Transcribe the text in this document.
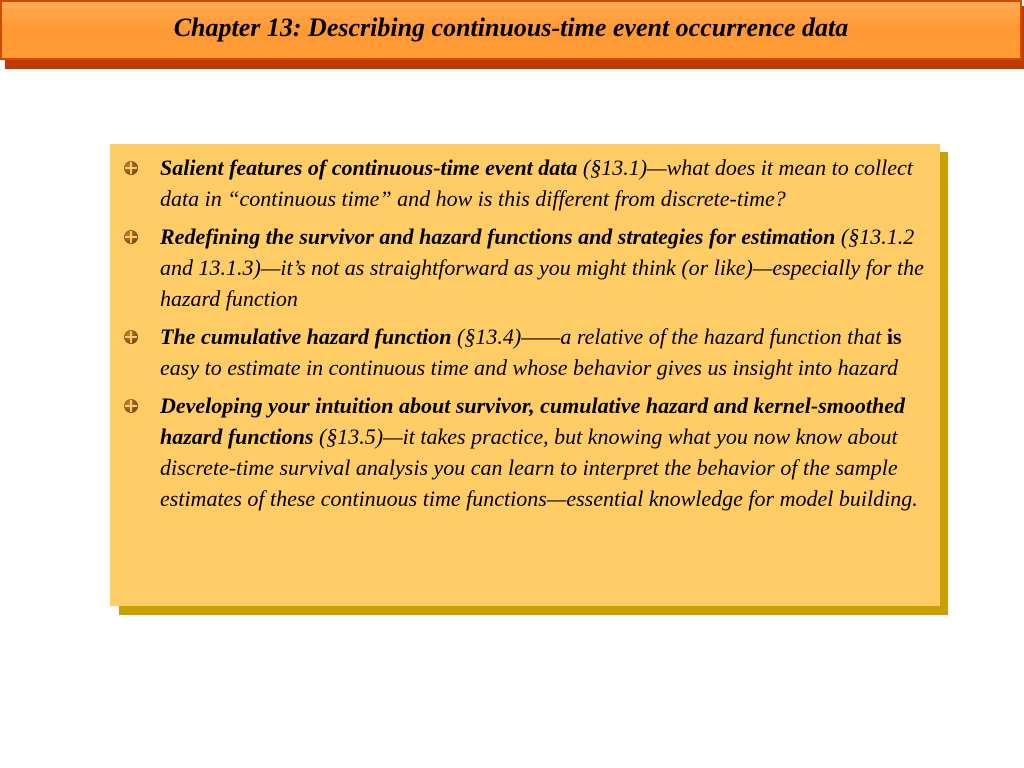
Chapter 13: Describing continuous-time event occurrence data
Salient features of continuous-time event data (§13.1)—what does it mean to collect data in “continuous time” and how is this different from discrete-time?
Redefining the survivor and hazard functions and strategies for estimation (§13.1.2 and 13.1.3)—it’s not as straightforward as you might think (or like)—especially for the hazard function
The cumulative hazard function (§13.4)——a relative of the hazard function that is easy to estimate in continuous time and whose behavior gives us insight into hazard
Developing your intuition about survivor, cumulative hazard and kernel-smoothed hazard functions (§13.5)—it takes practice, but knowing what you now know about discrete-time survival analysis you can learn to interpret the behavior of the sample estimates of these continuous time functions—essential knowledge for model building.
